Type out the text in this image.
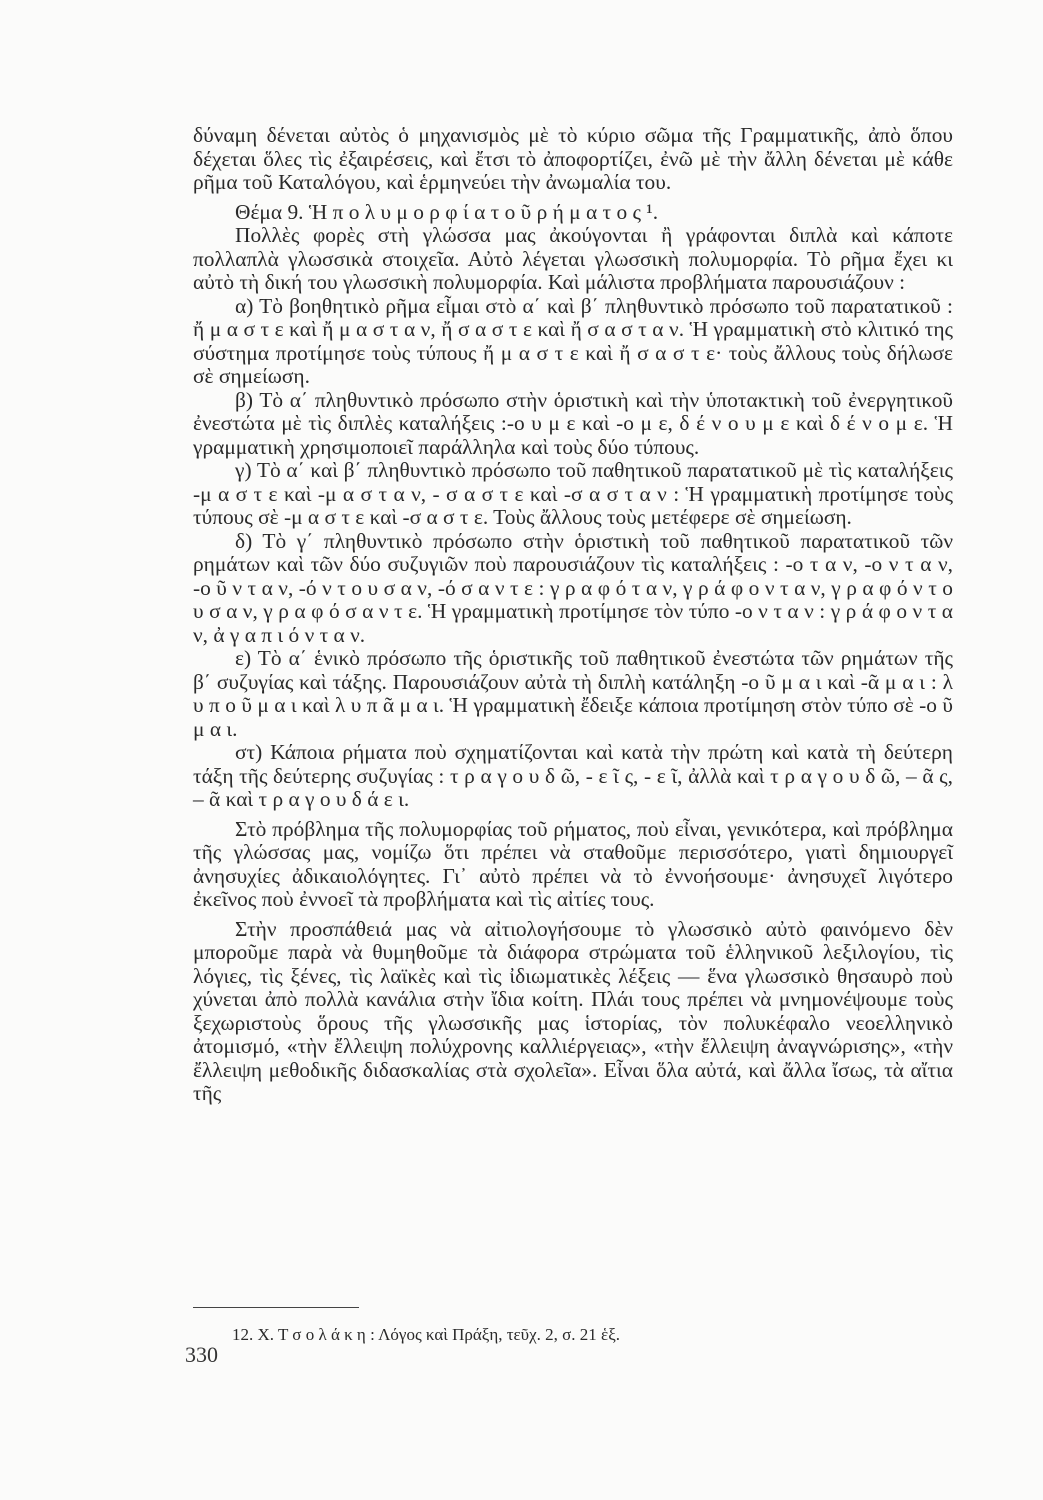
δύναμη δένεται αὐτὸς ὁ μηχανισμὸς μὲ τὸ κύριο σῶμα τῆς Γραμματικῆς, ἀπὸ ὅπου δέχεται ὅλες τὶς ἐξαιρέσεις, καὶ ἔτσι τὸ ἀποφορτίζει, ἐνῶ μὲ τὴν ἄλλη δένεται μὲ κάθε ρῆμα τοῦ Καταλόγου, καὶ ἑρμηνεύει τὴν ἀνωμαλία του.

Θέμα 9. Ἡ π ο λ υ μ ο ρ φ ί α τ ο ῦ ρ ή μ α τ ο ς ¹.

Πολλὲς φορὲς στὴ γλώσσα μας ἀκούγονται ἢ γράφονται διπλὰ καὶ κάποτε πολλαπλὰ γλωσσικὰ στοιχεῖα. Αὐτὸ λέγεται γλωσσικὴ πολυμορφία. Τὸ ρῆμα ἔχει κι αὐτὸ τὴ δική του γλωσσικὴ πολυμορφία. Καὶ μάλιστα προβλήματα παρουσιάζουν :

α) Τὸ βοηθητικὸ ρῆμα εἶμαι στὸ α΄ καὶ β΄ πληθυντικὸ πρόσωπο τοῦ παρατατικοῦ : ἤ μ α σ τ ε καὶ ἤ μ α σ τ α ν, ἤ σ α σ τ ε καὶ ἤ σ α σ τ α ν. Ἡ γραμματικὴ στὸ κλιτικό της σύστημα προτίμησε τοὺς τύπους ἤ μ α σ τ ε καὶ ἤ σ α σ τ ε· τοὺς ἄλλους τοὺς δήλωσε σὲ σημείωση.

β) Τὸ α΄ πληθυντικὸ πρόσωπο στὴν ὁριστικὴ καὶ τὴν ὑποτακτικὴ τοῦ ἐνεργητικοῦ ἐνεστώτα μὲ τὶς διπλὲς καταλήξεις :-ο υ μ ε καὶ -ο μ ε, δ έ ν ο υ μ ε καὶ δ έ ν ο μ ε. Ἡ γραμματικὴ χρησιμοποιεῖ παράλληλα καὶ τοὺς δύο τύπους.

γ) Τὸ α΄ καὶ β΄ πληθυντικὸ πρόσωπο τοῦ παθητικοῦ παρατατικοῦ μὲ τὶς καταλήξεις -μ α σ τ ε καὶ -μ α σ τ α ν, - σ α σ τ ε καὶ -σ α σ τ α ν : Ἡ γραμματικὴ προτίμησε τοὺς τύπους σὲ -μ α σ τ ε καὶ -σ α σ τ ε. Τοὺς ἄλλους τοὺς μετέφερε σὲ σημείωση.

δ) Τὸ γ΄ πληθυντικὸ πρόσωπο στὴν ὁριστικὴ τοῦ παθητικοῦ παρατατικοῦ τῶν ρημάτων καὶ τῶν δύο συζυγιῶν ποὺ παρουσιάζουν τὶς καταλήξεις : -ο τ α ν, -ο ν τ α ν, -ο ῦ ν τ α ν, -ό ν τ ο υ σ α ν, -ό σ α ν τ ε : γ ρ α φ ό τ α ν, γ ρ ά φ ο ν τ α ν, γ ρ α φ ό ν τ ο υ σ α ν, γ ρ α φ ό σ α ν τ ε. Ἡ γραμματικὴ προτίμησε τὸν τύπο -ο ν τ α ν : γ ρ ά φ ο ν τ α ν, ἀ γ α π ι ό ν τ α ν.

ε) Τὸ α΄ ἑνικὸ πρόσωπο τῆς ὁριστικῆς τοῦ παθητικοῦ ἐνεστώτα τῶν ρημάτων τῆς β΄ συζυγίας καὶ τάξης. Παρουσιάζουν αὐτὰ τὴ διπλὴ κατάληξη -ο ῦ μ α ι καὶ -ᾶ μ α ι : λ υ π ο ῦ μ α ι καὶ λ υ π ᾶ μ α ι. Ἡ γραμματικὴ ἔδειξε κάποια προτίμηση στὸν τύπο σὲ -ο ῦ μ α ι.

στ) Κάποια ρήματα ποὺ σχηματίζονται καὶ κατὰ τὴν πρώτη καὶ κατὰ τὴ δεύτερη τάξη τῆς δεύτερης συζυγίας : τ ρ α γ ο υ δ ῶ, - ε ῖ ς, - ε ῖ, ἀλλὰ καὶ τ ρ α γ ο υ δ ῶ, – ᾶ ς, – ᾶ καὶ τ ρ α γ ο υ δ ά ε ι.

Στὸ πρόβλημα τῆς πολυμορφίας τοῦ ρήματος, ποὺ εἶναι, γενικότερα, καὶ πρόβλημα τῆς γλώσσας μας, νομίζω ὅτι πρέπει νὰ σταθοῦμε περισσότερο, γιατὶ δημιουργεῖ ἀνησυχίες ἀδικαιολόγητες. Γι᾽ αὐτὸ πρέπει νὰ τὸ ἐννοήσουμε· ἀνησυχεῖ λιγότερο ἐκεῖνος ποὺ ἐννοεῖ τὰ προβλήματα καὶ τὶς αἰτίες τους.

Στὴν προσπάθειά μας νὰ αἰτιολογήσουμε τὸ γλωσσικὸ αὐτὸ φαινόμενο δὲν μποροῦμε παρὰ νὰ θυμηθοῦμε τὰ διάφορα στρώματα τοῦ ἑλληνικοῦ λεξιλογίου, τὶς λόγιες, τὶς ξένες, τὶς λαϊκὲς καὶ τὶς ἰδιωματικὲς λέξεις — ἕνα γλωσσικὸ θησαυρὸ ποὺ χύνεται ἀπὸ πολλὰ κανάλια στὴν ἴδια κοίτη. Πλάι τους πρέπει νὰ μνημονέψουμε τοὺς ξεχωριστοὺς ὅρους τῆς γλωσσικῆς μας ἱστορίας, τὸν πολυκέφαλο νεοελληνικὸ ἀτομισμό, «τὴν ἔλλειψη πολύχρονης καλλιέργειας», «τὴν ἔλλειψη ἀναγνώρισης», «τὴν ἔλλειψη μεθοδικῆς διδασκαλίας στὰ σχολεῖα». Εἶναι ὅλα αὐτά, καὶ ἄλλα ἴσως, τὰ αἴτια τῆς

12. Χ. Τ σ ο λ ά κ η : Λόγος καὶ Πράξη, τεῦχ. 2, σ. 21 ἑξ.
330
